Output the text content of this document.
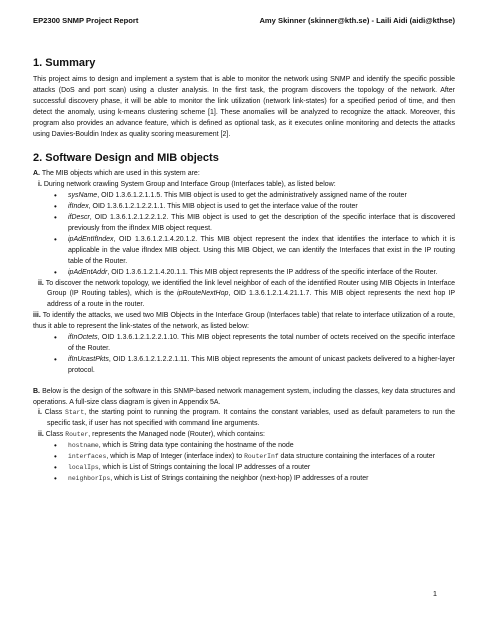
EP2300 SNMP Project Report	Amy Skinner (skinner@kth.se) - Laili Aidi (aidi@kthse)
1. Summary

This project aims to design and implement a system that is able to monitor the network using SNMP and identify the specific possible attacks (DoS and port scan) using a cluster analysis. In the first task, the program discovers the topology of the network. After successful discovery phase, it will be able to monitor the link utilization (network link-states) for a specified period of time, and then detect the anomaly, using k-means clustering scheme [1]. These anomalies will be analyzed to recognize the attack. Moreover, this program also provides an advance feature, which is defined as optional task, as it executes online monitoring and detects the attacks using Davies-Bouldin Index as quality scoring measurement [2].

2. Software Design and MIB objects
A. The MIB objects which are used in this system are:
i. During network crawling System Group and Interface Group (Interfaces table), as listed below:
• sysName, OID 1.3.6.1.2.1.1.5. This MIB object is used to get the administratively assigned name of the router
• ifIndex, OID 1.3.6.1.2.1.2.2.1.1. This MIB object is used to get the interface value of the router
• ifDescr, OID 1.3.6.1.2.1.2.2.1.2. This MIB object is used to get the description of the specific interface that is discovered previously from the ifIndex MIB object request.
• ipAdEntIfIndex, OID 1.3.6.1.2.1.4.20.1.2. This MIB object represent the index that identifies the interface to which it is applicable in the value ifIndex MIB object. Using this MIB Object, we can identify the Interfaces that exist in the IP routing table of the Router.
• ipAdEntAddr, OID 1.3.6.1.2.1.4.20.1.1. This MIB object represents the IP address of the specific interface of the Router.
ii. To discover the network topology, we identified the link level neighbor of each of the identified Router using MIB Objects in Interface Group (IP Routing tables), which is the ipRouteNextHop, OID 1.3.6.1.2.1.4.21.1.7. This MIB object represents the next hop IP address of a route in the router.
iii. To identify the attacks, we used two MIB Objects in the Interface Group (Interfaces table) that relate to interface utilization of a route, thus it able to represent the link-states of the network, as listed below:
• ifInOctets, OID 1.3.6.1.2.1.2.2.1.10. This MIB object represents the total number of octets received on the specific interface of the Router.
• ifInUcastPkts, OID 1.3.6.1.2.1.2.2.1.11. This MIB object represents the amount of unicast packets delivered to a higher-layer protocol.
B. Below is the design of the software in this SNMP-based network management system, including the classes, key data structures and operations. A full-size class diagram is given in Appendix 5A.
i. Class Start, the starting point to running the program. It contains the constant variables, used as default parameters to run the specific task, if user has not specified with command line arguments.
ii. Class Router, represents the Managed node (Router), which contains:
• hostname, which is String data type containing the hostname of the node
• interfaces, which is Map of Integer (interface index) to RouterInf data structure containing the interfaces of a router
• localIps, which is List of Strings containing the local IP addresses of a router
• neighborIps, which is List of Strings containing the neighbor (next-hop) IP addresses of a router
1
